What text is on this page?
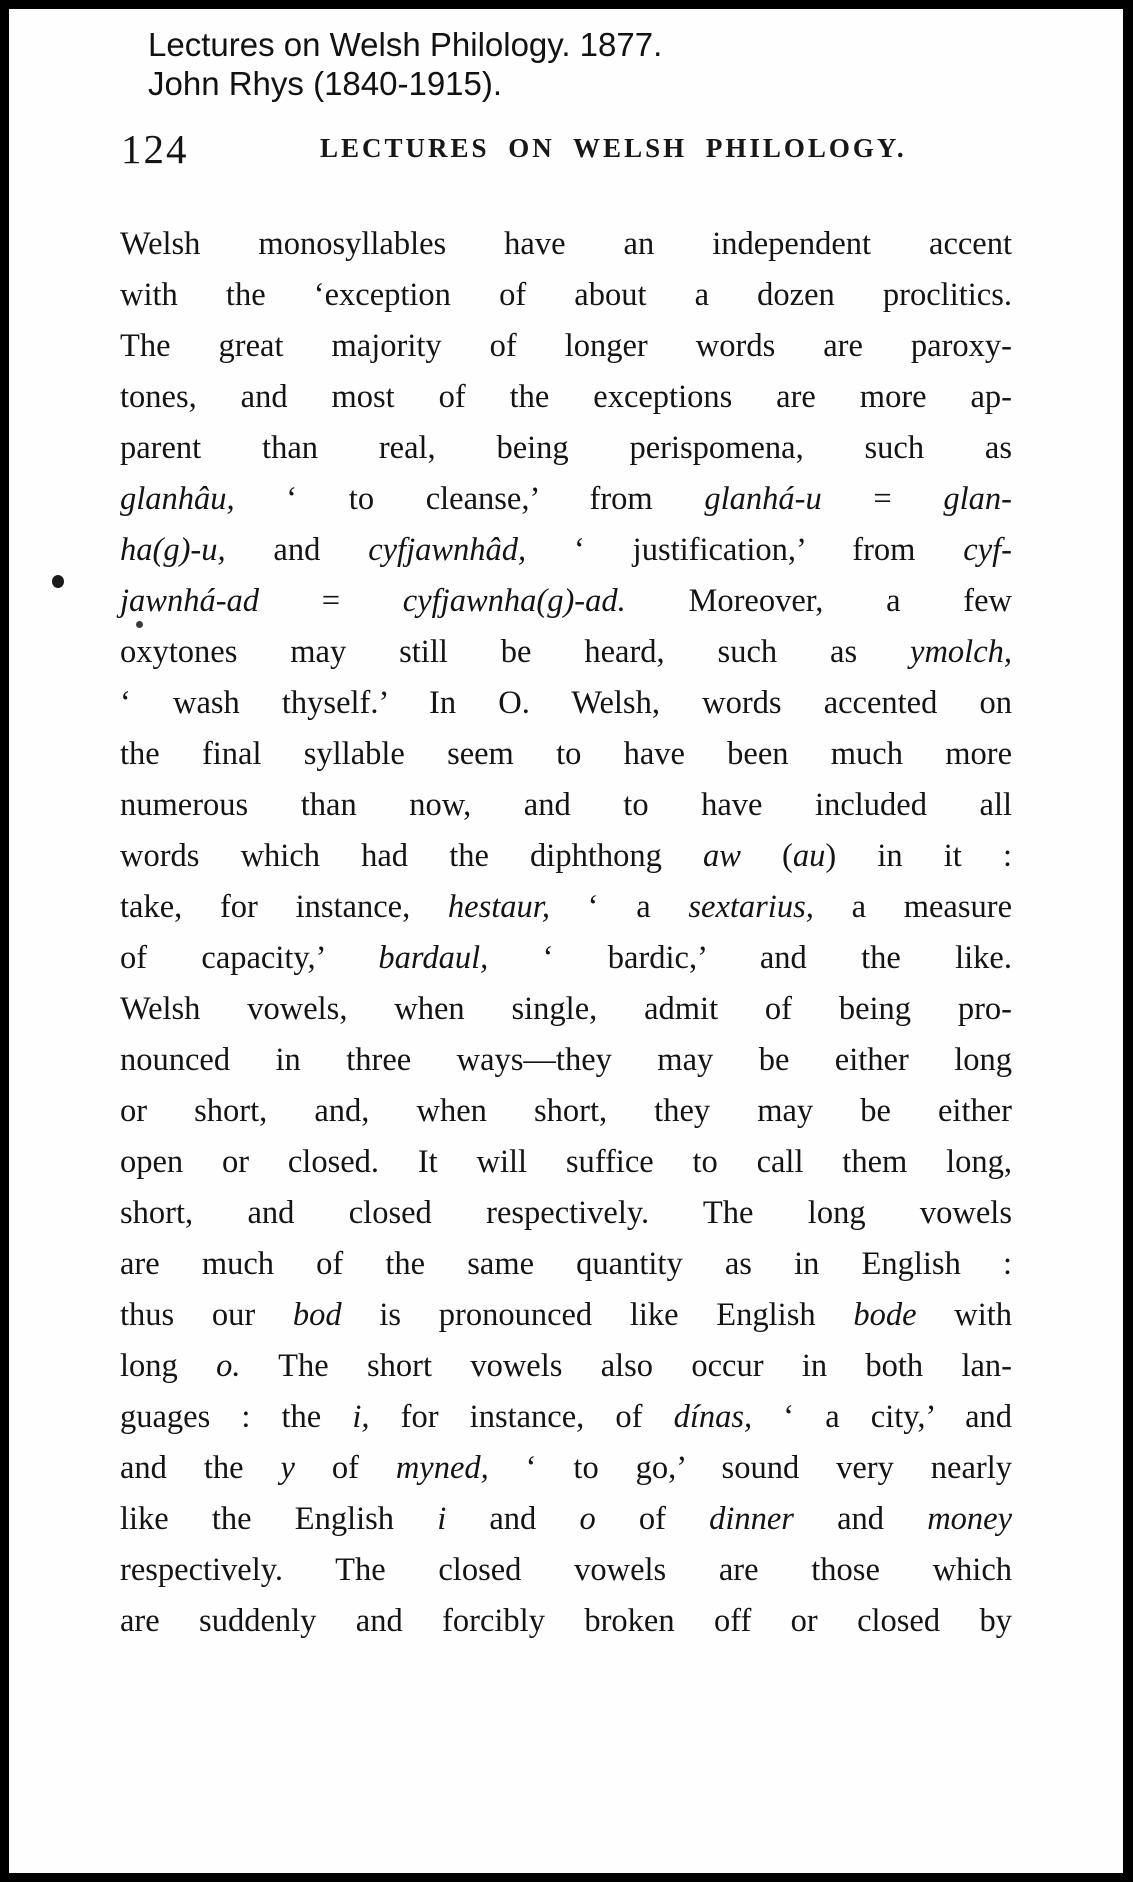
Lectures on Welsh Philology. 1877.
John Rhys (1840-1915).
124	LECTURES ON WELSH PHILOLOGY.
Welsh monosyllables have an independent accent
with the ‘exception of about a dozen proclitics.
The great majority of longer words are paroxy-
tones, and most of the exceptions are more ap-
parent than real, being perispomena, such as
glanhâu, ‘ to cleanse,’ from glanhá-u = glan-
ha(g)-u, and cyfjawnhâd, ‘ justification,’ from cyf-
jawnhá-ad = cyfjawnha(g)-ad. Moreover, a few
oxytones may still be heard, such as ymolch,
‘ wash thyself.’ In O. Welsh, words accented on
the final syllable seem to have been much more
numerous than now, and to have included all
words which had the diphthong aw (au) in it :
take, for instance, hestaur, ‘ a sextarius, a measure
of capacity,’ bardaul, ‘ bardic,’ and the like.
Welsh vowels, when single, admit of being pro-
nounced in three ways—they may be either long
or short, and, when short, they may be either
open or closed. It will suffice to call them long,
short, and closed respectively. The long vowels
are much of the same quantity as in English :
thus our bod is pronounced like English bode with
long o. The short vowels also occur in both lan-
guages : the i, for instance, of dínas, ‘ a city,’ and
and the y of myned, ‘ to go,’ sound very nearly
like the English i and o of dinner and money
respectively. The closed vowels are those which
are suddenly and forcibly broken off or closed by
